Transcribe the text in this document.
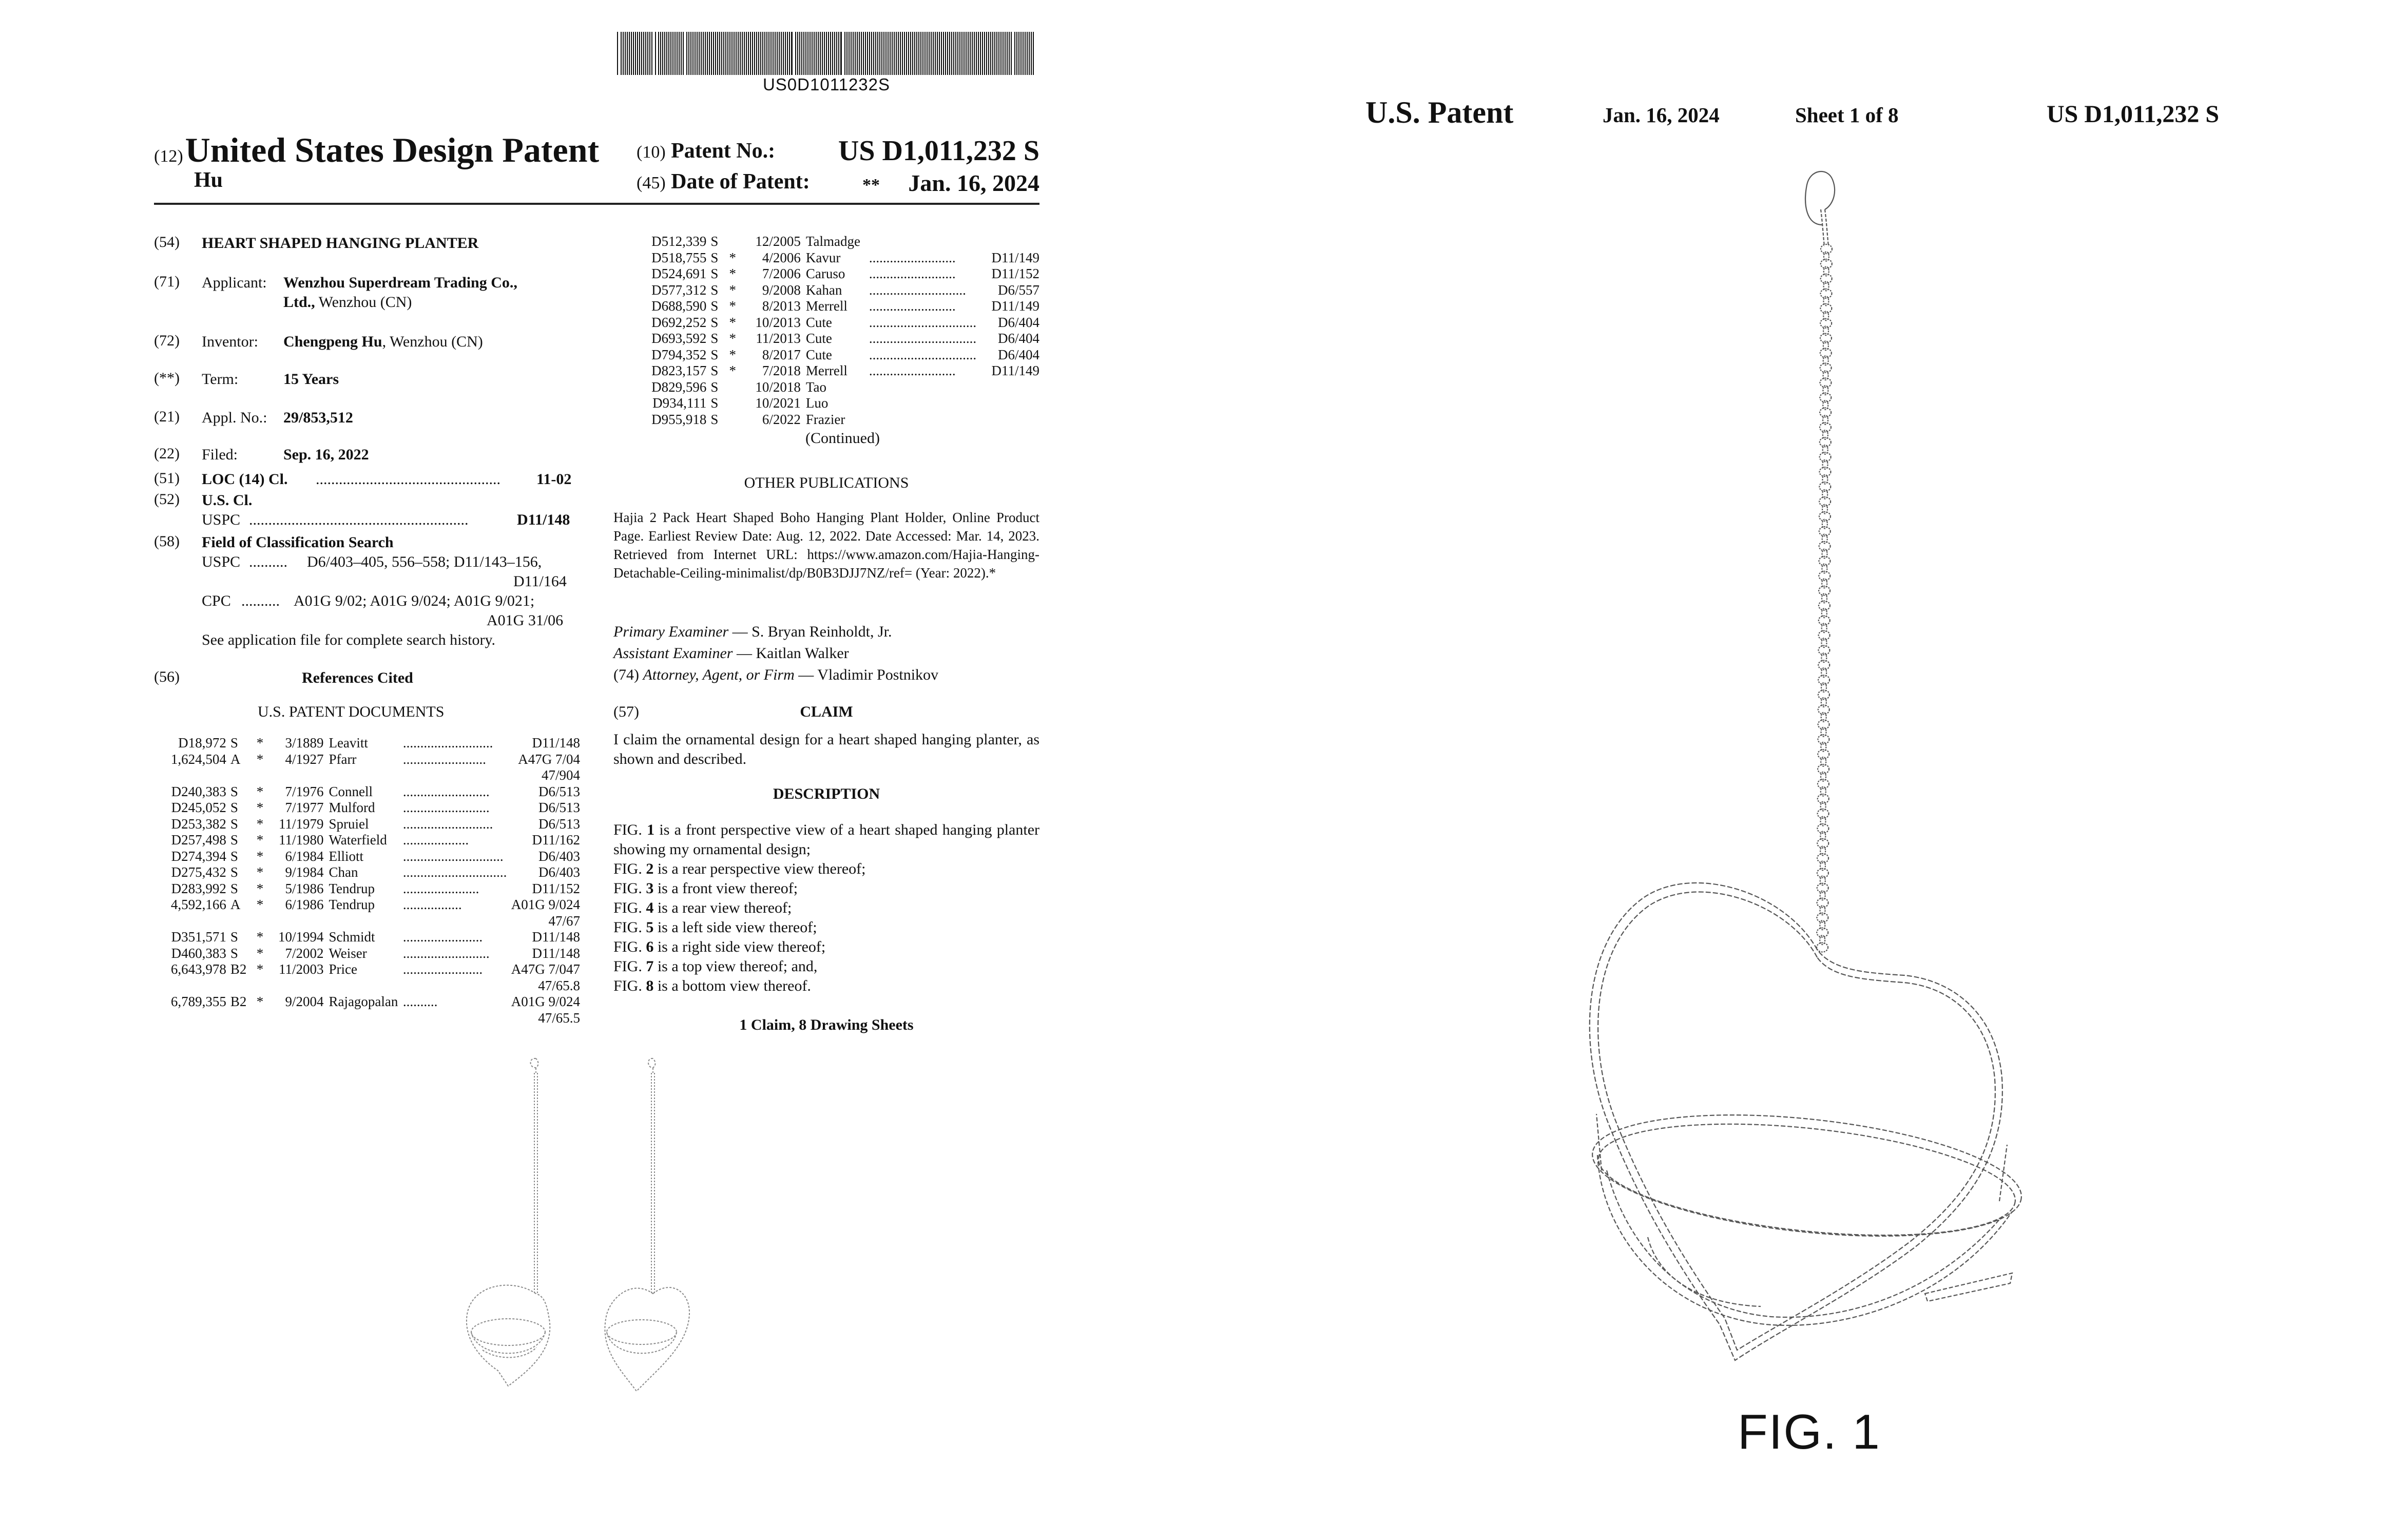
US0D1011232S
(12) United States Design Patent
Hu
(10) Patent No.: US D1,011,232 S
(45) Date of Patent:	** Jan. 16, 2024
(54) HEART SHAPED HANGING PLANTER
(71) Applicant: Wenzhou Superdream Trading Co.,
Ltd., Wenzhou (CN)
(72) Inventor: Chengpeng Hu, Wenzhou (CN)
(**) Term:	15 Years
(21) Appl. No.: 29/853,512
(22) Filed:	Sep. 16, 2022
(51) LOC (14) Cl. ................................................ 11-02
(52) U.S. Cl.
USPC .........................................................	D11/148
(58) Field of Classification Search
USPC .......... D6/403–405, 556–558; D11/143–156,
D11/164
CPC .......... A01G 9/02; A01G 9/024; A01G 9/021;
A01G 31/06
See application file for complete search history.
(56)	References Cited
U.S. PATENT DOCUMENTS
D18,972	S	*	3/1889	Leavitt	..........................	D11/148
1,624,504	A	*	4/1927	Pfarr	........................	A47G 7/04
47/904						
D240,383	S	*	7/1976	Connell	.........................	D6/513
D245,052	S	*	7/1977	Mulford	.........................	D6/513
D253,382	S	*	11/1979	Spruiel	..........................	D6/513
D257,498	S	*	11/1980	Waterfield	...................	D11/162
D274,394	S	*	6/1984	Elliott	.............................	D6/403
D275,432	S	*	9/1984	Chan	..............................	D6/403
D283,992	S	*	5/1986	Tendrup	......................	D11/152
4,592,166	A	*	6/1986	Tendrup	.................	A01G 9/024
47/67						
D351,571	S	*	10/1994	Schmidt	.......................	D11/148
D460,383	S	*	7/2002	Weiser	.........................	D11/148
6,643,978	B2	*	11/2003	Price	.......................	A47G 7/047
47/65.8						
6,789,355	B2	*	9/2004	Rajagopalan	..........	A01G 9/024
47/65.5						
D512,339	S		12/2005	Talmadge		
D518,755	S	*	4/2006	Kavur	.........................	D11/149
D524,691	S	*	7/2006	Caruso	.........................	D11/152
D577,312	S	*	9/2008	Kahan	............................	D6/557
D688,590	S	*	8/2013	Merrell	.........................	D11/149
D692,252	S	*	10/2013	Cute	...............................	D6/404
D693,592	S	*	11/2013	Cute	...............................	D6/404
D794,352	S	*	8/2017	Cute	...............................	D6/404
D823,157	S	*	7/2018	Merrell	.........................	D11/149
D829,596	S		10/2018	Tao		
D934,111	S		10/2021	Luo		
D955,918	S		6/2022	Frazier		
(Continued)
OTHER PUBLICATIONS
Hajia 2 Pack Heart Shaped Boho Hanging Plant Holder, Online Product Page. Earliest Review Date: Aug. 12, 2022. Date Accessed: Mar. 14, 2023. Retrieved from Internet URL: https://www.amazon.com/Hajia-Hanging-Detachable-Ceiling-minimalist/dp/B0B3DJJ7NZ/ref= (Year: 2022).*
Primary Examiner — S. Bryan Reinholdt, Jr.
Assistant Examiner — Kaitlan Walker
(74) Attorney, Agent, or Firm — Vladimir Postnikov
(57)	CLAIM
I claim the ornamental design for a heart shaped hanging planter, as shown and described.
DESCRIPTION
FIG. 1 is a front perspective view of a heart shaped hanging planter showing my ornamental design;
FIG. 2 is a rear perspective view thereof;
FIG. 3 is a front view thereof;
FIG. 4 is a rear view thereof;
FIG. 5 is a left side view thereof;
FIG. 6 is a right side view thereof;
FIG. 7 is a top view thereof; and,
FIG. 8 is a bottom view thereof.
1 Claim, 8 Drawing Sheets
U.S. Patent	Jan. 16, 2024	Sheet 1 of 8	US D1,011,232 S
FIG. 1
